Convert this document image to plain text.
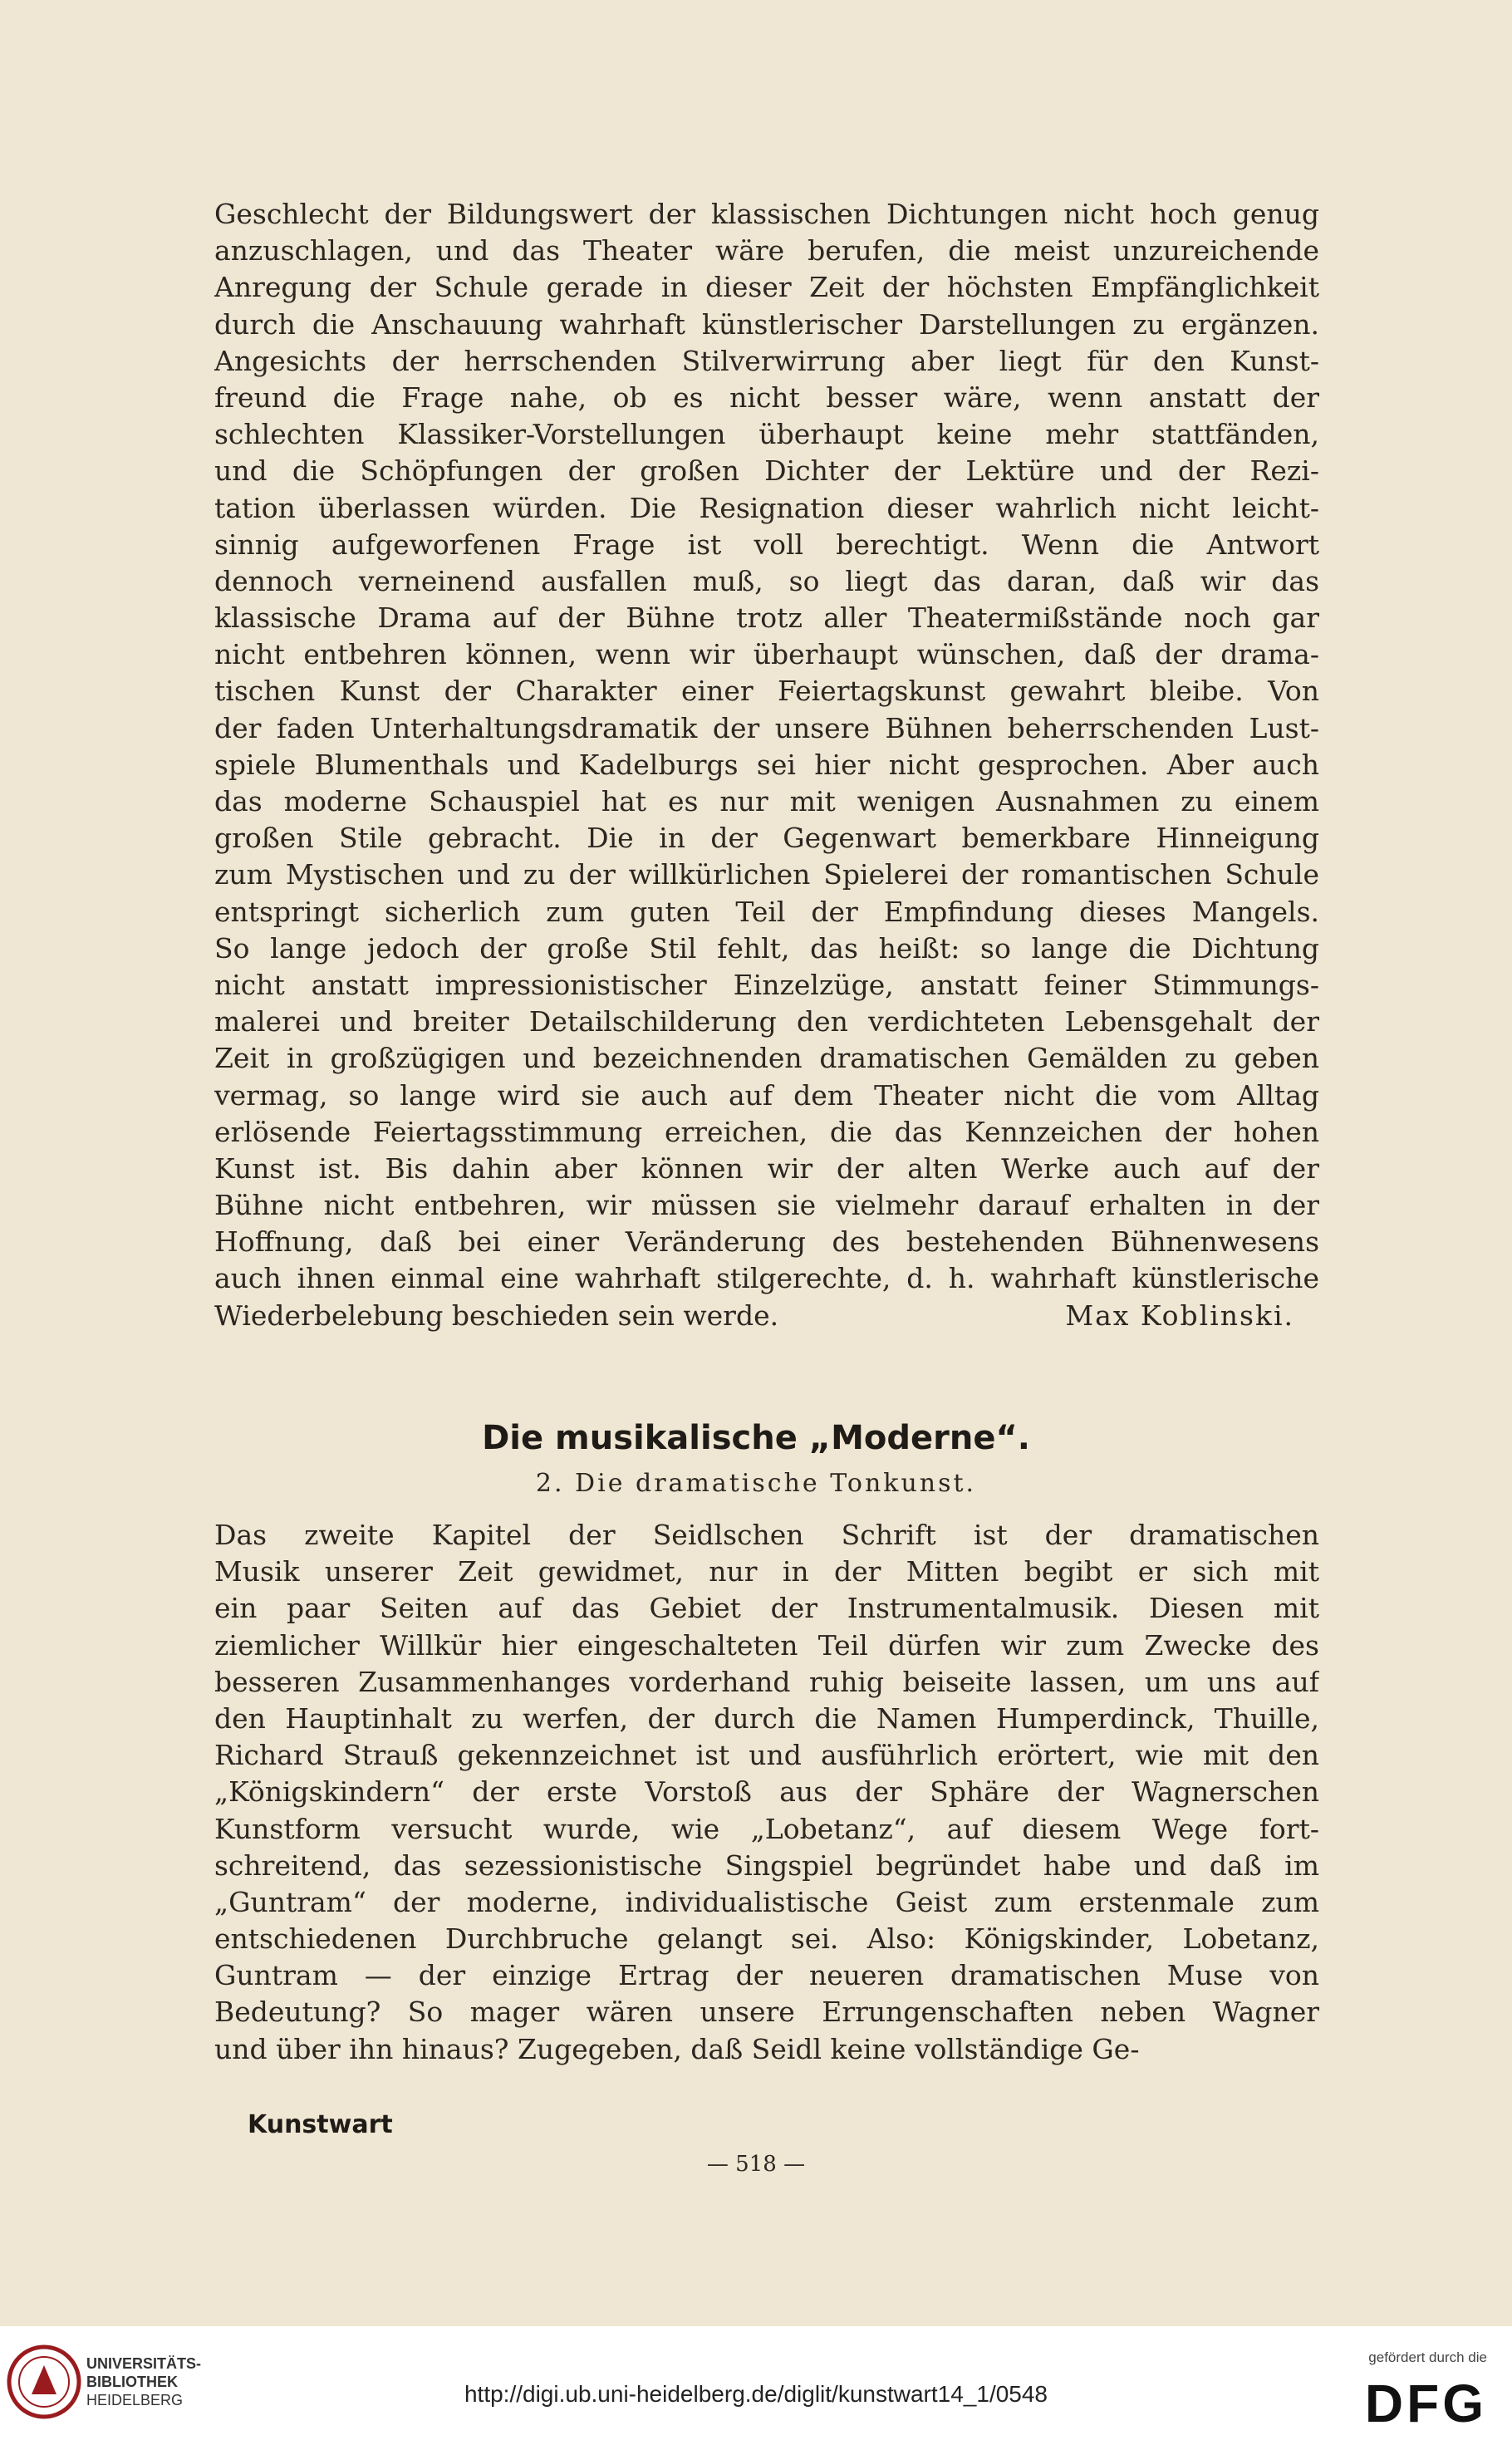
Geschlecht der Bildungswert der klassischen Dichtungen nicht hoch genug
anzuschlagen, und das Theater wäre berufen, die meist unzureichende
Anregung der Schule gerade in dieser Zeit der höchsten Empfänglichkeit
durch die Anschauung wahrhaft künstlerischer Darstellungen zu ergänzen.
Angesichts der herrschenden Stilverwirrung aber liegt für den Kunst-
freund die Frage nahe, ob es nicht besser wäre, wenn anstatt der
schlechten Klassiker-Vorstellungen überhaupt keine mehr stattfänden,
und die Schöpfungen der großen Dichter der Lektüre und der Rezi-
tation überlassen würden. Die Resignation dieser wahrlich nicht leicht-
sinnig aufgeworfenen Frage ist voll berechtigt. Wenn die Antwort
dennoch verneinend ausfallen muß, so liegt das daran, daß wir das
klassische Drama auf der Bühne trotz aller Theatermißstände noch gar
nicht entbehren können, wenn wir überhaupt wünschen, daß der drama-
tischen Kunst der Charakter einer Feiertagskunst gewahrt bleibe. Von
der faden Unterhaltungsdramatik der unsere Bühnen beherrschenden Lust-
spiele Blumenthals und Kadelburgs sei hier nicht gesprochen. Aber auch
das moderne Schauspiel hat es nur mit wenigen Ausnahmen zu einem
großen Stile gebracht. Die in der Gegenwart bemerkbare Hinneigung
zum Mystischen und zu der willkürlichen Spielerei der romantischen Schule
entspringt sicherlich zum guten Teil der Empfindung dieses Mangels.
So lange jedoch der große Stil fehlt, das heißt: so lange die Dichtung
nicht anstatt impressionistischer Einzelzüge, anstatt feiner Stimmungs-
malerei und breiter Detailschilderung den verdichteten Lebensgehalt der
Zeit in großzügigen und bezeichnenden dramatischen Gemälden zu geben
vermag, so lange wird sie auch auf dem Theater nicht die vom Alltag
erlösende Feiertagsstimmung erreichen, die das Kennzeichen der hohen
Kunst ist. Bis dahin aber können wir der alten Werke auch auf der
Bühne nicht entbehren, wir müssen sie vielmehr darauf erhalten in der
Hoffnung, daß bei einer Veränderung des bestehenden Bühnenwesens
auch ihnen einmal eine wahrhaft stilgerechte, d. h. wahrhaft künstlerische
Wiederbelebung beschieden sein werde.	Max Koblinski.
Die musikalische „Moderne“.
2. Die dramatische Tonkunst.
Das zweite Kapitel der Seidlschen Schrift ist der dramatischen
Musik unserer Zeit gewidmet, nur in der Mitten begibt er sich mit
ein paar Seiten auf das Gebiet der Instrumentalmusik. Diesen mit
ziemlicher Willkür hier eingeschalteten Teil dürfen wir zum Zwecke des
besseren Zusammenhanges vorderhand ruhig beiseite lassen, um uns auf
den Hauptinhalt zu werfen, der durch die Namen Humperdinck, Thuille,
Richard Strauß gekennzeichnet ist und ausführlich erörtert, wie mit den
„Königskindern“ der erste Vorstoß aus der Sphäre der Wagnerschen
Kunstform versucht wurde, wie „Lobetanz“, auf diesem Wege fort-
schreitend, das sezessionistische Singspiel begründet habe und daß im
„Guntram“ der moderne, individualistische Geist zum erstenmale zum
entschiedenen Durchbruche gelangt sei. Also: Königskinder, Lobetanz,
Guntram — der einzige Ertrag der neueren dramatischen Muse von
Bedeutung? So mager wären unsere Errungenschaften neben Wagner
und über ihn hinaus? Zugegeben, daß Seidl keine vollständige Ge-
Kunstwart
— 518 —
UNIVERSITÄTS-
BIBLIOTHEK
HEIDELBERG	http://digi.ub.uni-heidelberg.de/diglit/kunstwart14_1/0548
gefördert durch die
DFG
